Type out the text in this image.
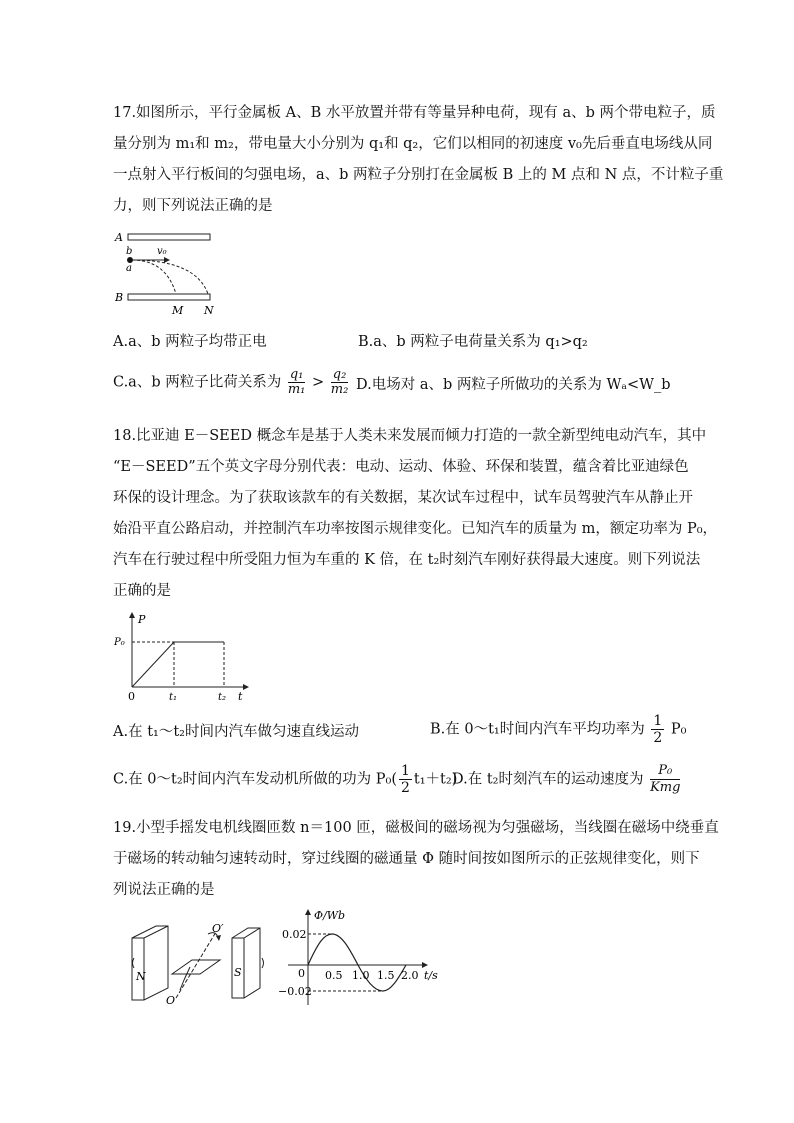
17.如图所示，平行金属板 A、B 水平放置并带有等量异种电荷，现有 a、b 两个带电粒子，质
量分别为 m₁和 m₂，带电量大小分别为 q₁和 q₂，它们以相同的初速度 v₀先后垂直电场线从同
一点射入平行板间的匀强电场，a、b 两粒子分别打在金属板 B 上的 M 点和 N 点，不计粒子重
力，则下列说法正确的是
A
B
b
a
v₀
M N
A.a、b 两粒子均带正电	B.a、b 两粒子电荷量关系为 q₁>q₂
C.a、b 两粒子比荷关系为 $\frac{\text{q₁}}{\text{m₁}} > \frac{\text{q₂}}{\text{m₂}} D$.电场对 a、b 两粒子所做功的关系为 Wₐ<W_b
18.比亚迪 E－SEED 概念车是基于人类未来发展而倾力打造的一款全新型纯电动汽车，其中
“E－SEED”五个英文字母分别代表：电动、运动、体验、环保和装置，蕴含着比亚迪绿色
环保的设计理念。为了获取该款车的有关数据，某次试车过程中，试车员驾驶汽车从静止开
始沿平直公路启动，并控制汽车功率按图示规律变化。已知汽车的质量为 m，额定功率为 P₀，
汽车在行驶过程中所受阻力恒为车重的 K 倍，在 t₂时刻汽车刚好获得最大速度。则下列说法
正确的是
P
P₀
0	t₁	t₂ t
A.在 t₁～t₂时间内汽车做匀速直线运动	B.在 0～t₁时间内汽车平均功率为 $\frac{1}{2} P_0$
C.在 0～t₂时间内汽车发动机所做的功为 $P_0( \frac{1}{2} t_1+t_2)$
D.在 t₂时刻汽车的运动速度为 $\frac{\text{P₀}}{\text{Kmg}}$
19.小型手摇发电机线圈匝数 n＝100 匝，磁极间的磁场视为匀强磁场，当线圈在磁场中绕垂直
于磁场的转动轴匀速转动时，穿过线圈的磁通量 Φ 随时间按如图所示的正弦规律变化，则下
列说法正确的是
N	S
O
O′
Φ/Wb
0.02
−0.02
0 0.5 1.0 1.5 2.0 t/s
